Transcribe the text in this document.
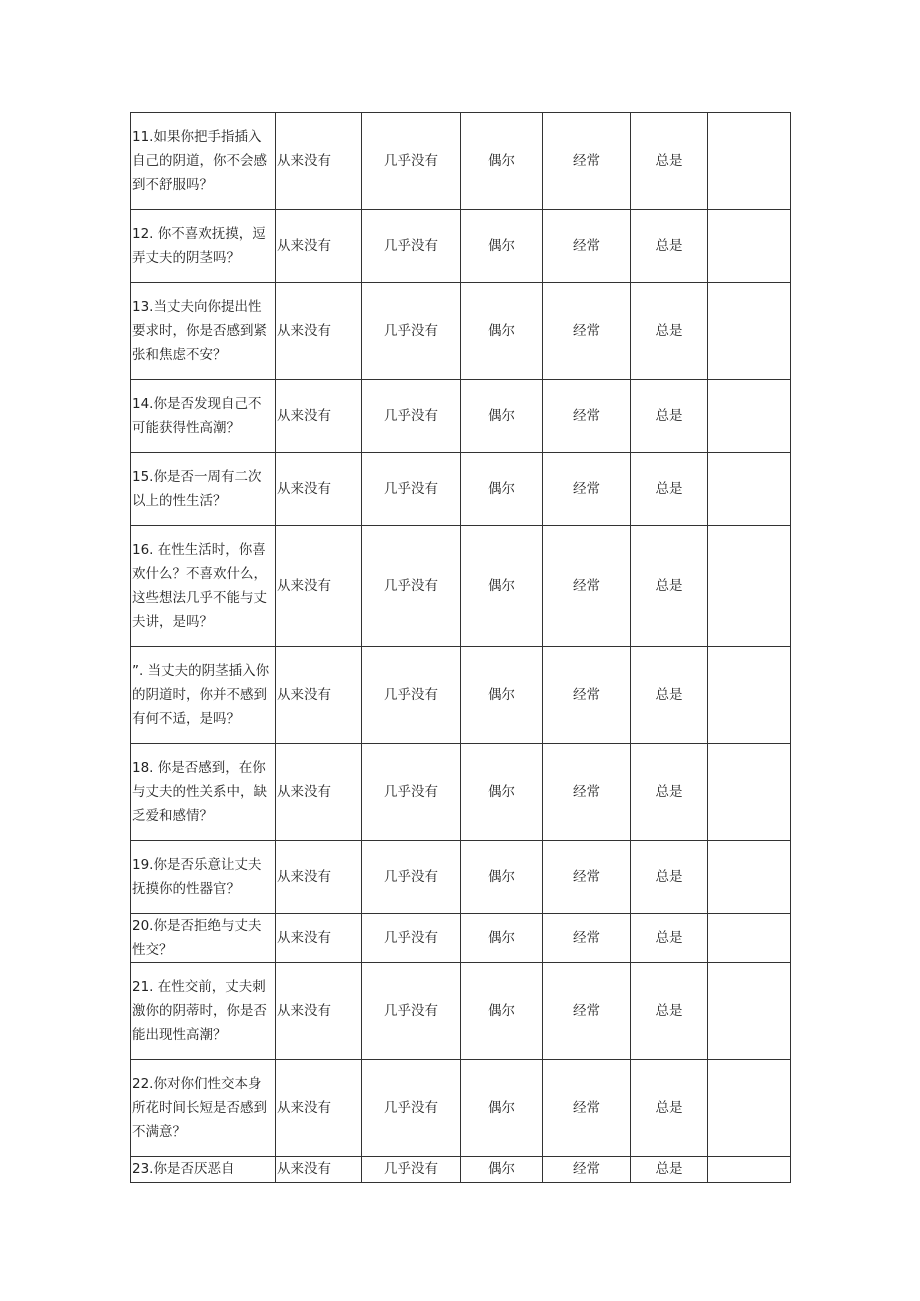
11.如果你把手指插入自己的阴道，你不会感到不舒服吗？	从来没有	几乎没有	偶尔	经常	总是	
12. 你不喜欢抚摸，逗弄丈夫的阴茎吗？	从来没有	几乎没有	偶尔	经常	总是	
13.当丈夫向你提出性要求时，你是否感到紧张和焦虑不安？	从来没有	几乎没有	偶尔	经常	总是	
14.你是否发现自己不可能获得性高潮？	从来没有	几乎没有	偶尔	经常	总是	
15.你是否一周有二次以上的性生活？	从来没有	几乎没有	偶尔	经常	总是	
16. 在性生活时，你喜欢什么？不喜欢什么，这些想法几乎不能与丈夫讲，是吗？	从来没有	几乎没有	偶尔	经常	总是	
”. 当丈夫的阴茎插入你的阴道时，你并不感到有何不适，是吗？	从来没有	几乎没有	偶尔	经常	总是	
18. 你是否感到，在你与丈夫的性关系中，缺乏爱和感情？	从来没有	几乎没有	偶尔	经常	总是	
19.你是否乐意让丈夫抚摸你的性器官？	从来没有	几乎没有	偶尔	经常	总是	
20.你是否拒绝与丈夫性交？	从来没有	几乎没有	偶尔	经常	总是	
21. 在性交前，丈夫刺激你的阴蒂时，你是否能出现性高潮？	从来没有	几乎没有	偶尔	经常	总是	
22.你对你们性交本身所花时间长短是否感到不满意？	从来没有	几乎没有	偶尔	经常	总是	
23.你是否厌恶自	从来没有	几乎没有	偶尔	经常	总是	
